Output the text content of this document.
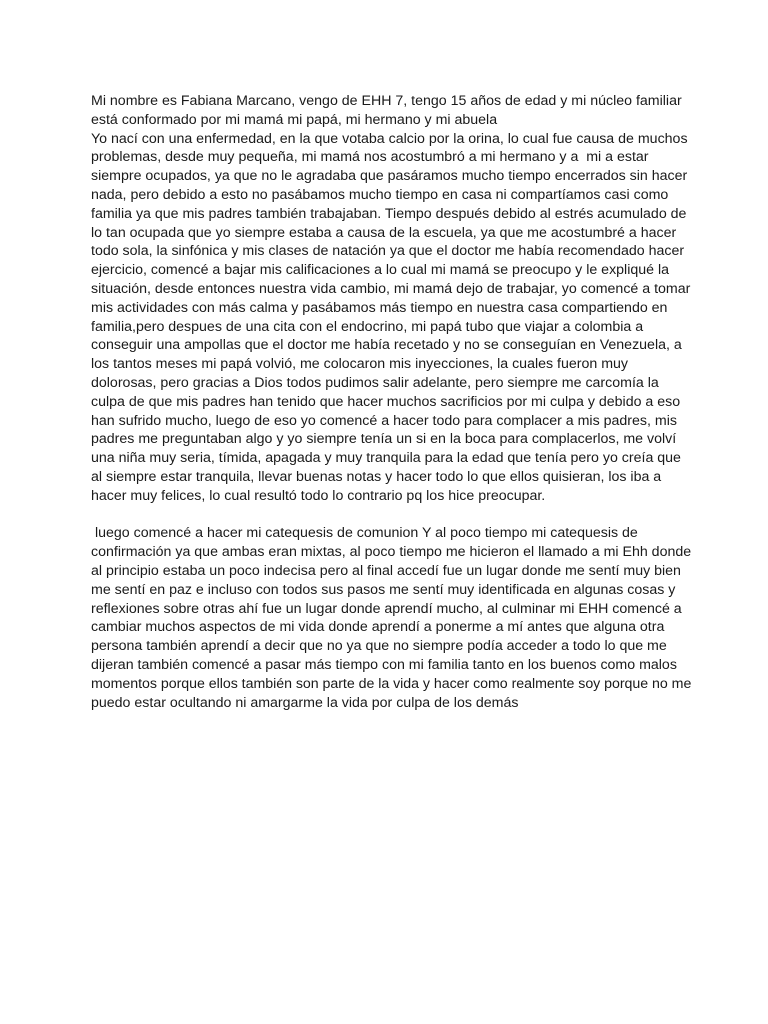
Mi nombre es Fabiana Marcano, vengo de EHH 7, tengo 15 años de edad y mi núcleo familiar
está conformado por mi mamá mi papá, mi hermano y mi abuela

Yo nací con una enfermedad, en la que votaba calcio por la orina, lo cual fue causa de muchos
problemas, desde muy pequeña, mi mamá nos acostumbró a mi hermano y a  mi a estar
siempre ocupados, ya que no le agradaba que pasáramos mucho tiempo encerrados sin hacer
nada, pero debido a esto no pasábamos mucho tiempo en casa ni compartíamos casi como
familia ya que mis padres también trabajaban. Tiempo después debido al estrés acumulado de
lo tan ocupada que yo siempre estaba a causa de la escuela, ya que me acostumbré a hacer
todo sola, la sinfónica y mis clases de natación ya que el doctor me había recomendado hacer
ejercicio, comencé a bajar mis calificaciones a lo cual mi mamá se preocupo y le expliqué la
situación, desde entonces nuestra vida cambio, mi mamá dejo de trabajar, yo comencé a tomar
mis actividades con más calma y pasábamos más tiempo en nuestra casa compartiendo en
familia,pero despues de una cita con el endocrino, mi papá tubo que viajar a colombia a
conseguir una ampollas que el doctor me había recetado y no se conseguían en Venezuela, a
los tantos meses mi papá volvió, me colocaron mis inyecciones, la cuales fueron muy
dolorosas, pero gracias a Dios todos pudimos salir adelante, pero siempre me carcomía la
culpa de que mis padres han tenido que hacer muchos sacrificios por mi culpa y debido a eso
han sufrido mucho, luego de eso yo comencé a hacer todo para complacer a mis padres, mis
padres me preguntaban algo y yo siempre tenía un si en la boca para complacerlos, me volví
una niña muy seria, tímida, apagada y muy tranquila para la edad que tenía pero yo creía que
al siempre estar tranquila, llevar buenas notas y hacer todo lo que ellos quisieran, los iba a
hacer muy felices, lo cual resultó todo lo contrario pq los hice preocupar.

luego comencé a hacer mi catequesis de comunion Y al poco tiempo mi catequesis de
confirmación ya que ambas eran mixtas, al poco tiempo me hicieron el llamado a mi Ehh donde
al principio estaba un poco indecisa pero al final accedí fue un lugar donde me sentí muy bien
me sentí en paz e incluso con todos sus pasos me sentí muy identificada en algunas cosas y
reflexiones sobre otras ahí fue un lugar donde aprendí mucho, al culminar mi EHH comencé a
cambiar muchos aspectos de mi vida donde aprendí a ponerme a mí antes que alguna otra
persona también aprendí a decir que no ya que no siempre podía acceder a todo lo que me
dijeran también comencé a pasar más tiempo con mi familia tanto en los buenos como malos
momentos porque ellos también son parte de la vida y hacer como realmente soy porque no me
puedo estar ocultando ni amargarme la vida por culpa de los demás
